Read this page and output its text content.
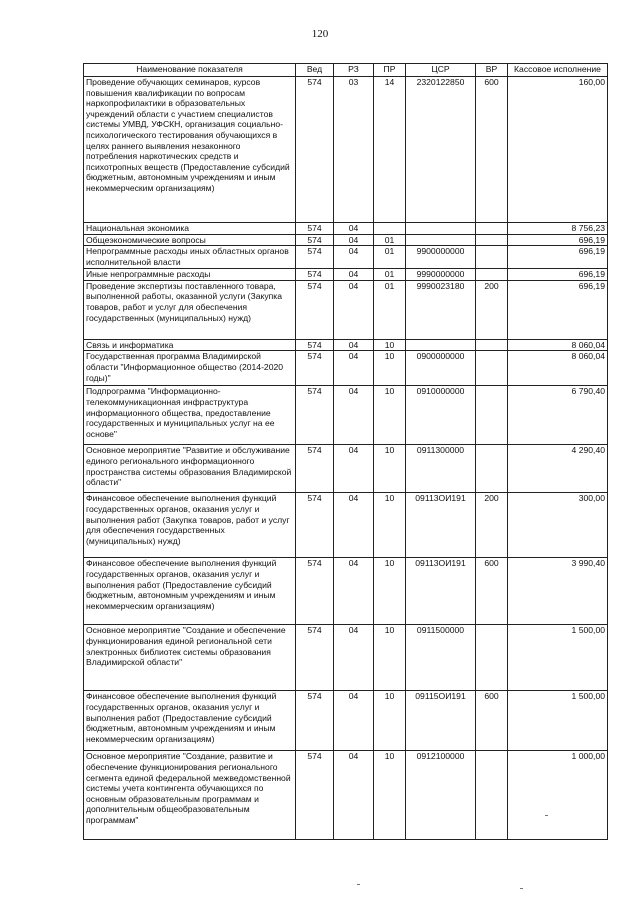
120
Наименование показателя	Вед	РЗ	ПР	ЦСР	ВР	Кассовое исполнение
Проведение обучающих семинаров, курсов повышения квалификации по вопросам наркопрофилактики в образовательных учреждений области с участием специалистов системы УМВД, УФСКН, организация социально-психологического тестирования обучающихся в целях раннего выявления незаконного потребления наркотических средств и психотропных веществ (Предоставление субсидий бюджетным, автономным учреждениям и иным некоммерческим организациям)	574	03	14	2320122850	600	160,00
Национальная экономика	574	04				8 756,23
Общеэкономические вопросы	574	04	01			696,19
Непрограммные расходы иных областных органов исполнительной власти	574	04	01	9900000000		696,19
Иные непрограммные расходы	574	04	01	9990000000		696,19
Проведение экспертизы поставленного товара, выполненной работы, оказанной услуги (Закупка товаров, работ и услуг для обеспечения государственных (муниципальных) нужд)	574	04	01	9990023180	200	696,19
Связь и информатика	574	04	10			8 060,04
Государственная программа Владимирской области "Информационное общество (2014-2020 годы)"	574	04	10	0900000000		8 060,04
Подпрограмма "Информационно-телекоммуникационная инфраструктура информационного общества, предоставление государственных и муниципальных услуг на ее основе"	574	04	10	0910000000		6 790,40
Основное мероприятие "Развитие и обслуживание единого регионального информационного пространства системы образования Владимирской области"	574	04	10	0911300000		4 290,40
Финансовое обеспечение выполнения функций государственных органов, оказания услуг и выполнения работ (Закупка товаров, работ и услуг для обеспечения государственных (муниципальных) нужд)	574	04	10	09113ОИ191	200	300,00
Финансовое обеспечение выполнения функций государственных органов, оказания услуг и выполнения работ (Предоставление субсидий бюджетным, автономным учреждениям и иным некоммерческим организациям)	574	04	10	09113ОИ191	600	3 990,40
Основное мероприятие "Создание и обеспечение функционирования единой региональной сети электронных библиотек системы образования Владимирской области"	574	04	10	0911500000		1 500,00
Финансовое обеспечение выполнения функций государственных органов, оказания услуг и выполнения работ (Предоставление субсидий бюджетным, автономным учреждениям и иным некоммерческим организациям)	574	04	10	09115ОИ191	600	1 500,00
Основное мероприятие "Создание, развитие и обеспечение функционирования регионального сегмента единой федеральной межведомственной системы учета контингента обучающихся по основным образовательным программам и дополнительным общеобразовательным программам"	574	04	10	0912100000		1 000,00
